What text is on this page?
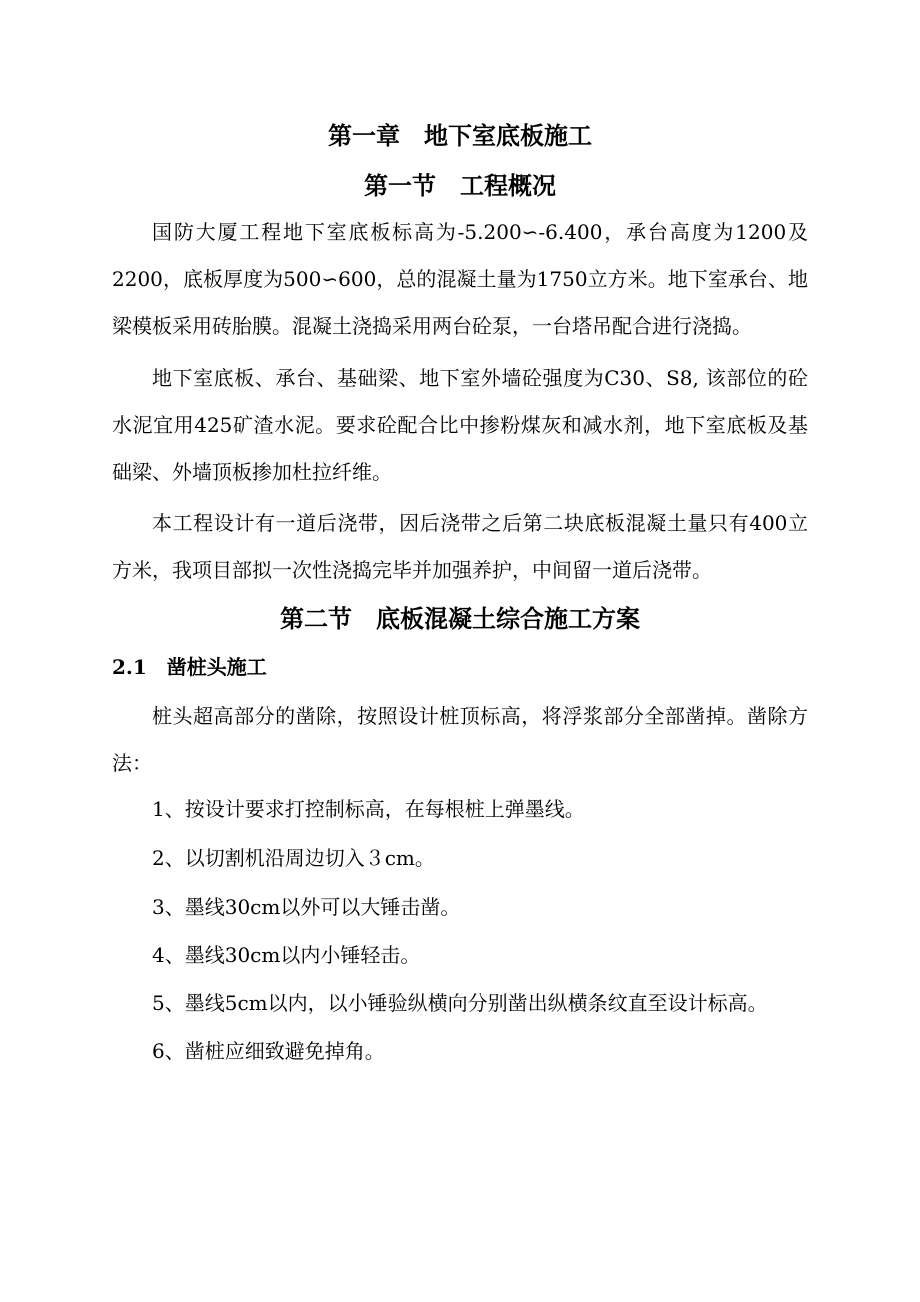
第一章　地下室底板施工
第一节　工程概况

国防大厦工程地下室底板标高为-5.200∽-6.400，承台高度为1200及2200，底板厚度为500∽600，总的混凝土量为1750立方米。地下室承台、地梁模板采用砖胎膜。混凝土浇捣采用两台砼泵，一台塔吊配合进行浇捣。

地下室底板、承台、基础梁、地下室外墙砼强度为C30、S8, 该部位的砼水泥宜用425矿渣水泥。要求砼配合比中掺粉煤灰和减水剂，地下室底板及基础梁、外墙顶板掺加杜拉纤维。

本工程设计有一道后浇带，因后浇带之后第二块底板混凝土量只有400立方米，我项目部拟一次性浇捣完毕并加强养护，中间留一道后浇带。

第二节　底板混凝土综合施工方案
2.1　凿桩头施工

桩头超高部分的凿除，按照设计桩顶标高，将浮浆部分全部凿掉。凿除方法：

1、按设计要求打控制标高，在每根桩上弹墨线。

2、以切割机沿周边切入３cm。

3、墨线30cm以外可以大锤击凿。

4、墨线30cm以内小锤轻击。

5、墨线5cm以内，以小锤验纵横向分别凿出纵横条纹直至设计标高。

6、凿桩应细致避免掉角。
